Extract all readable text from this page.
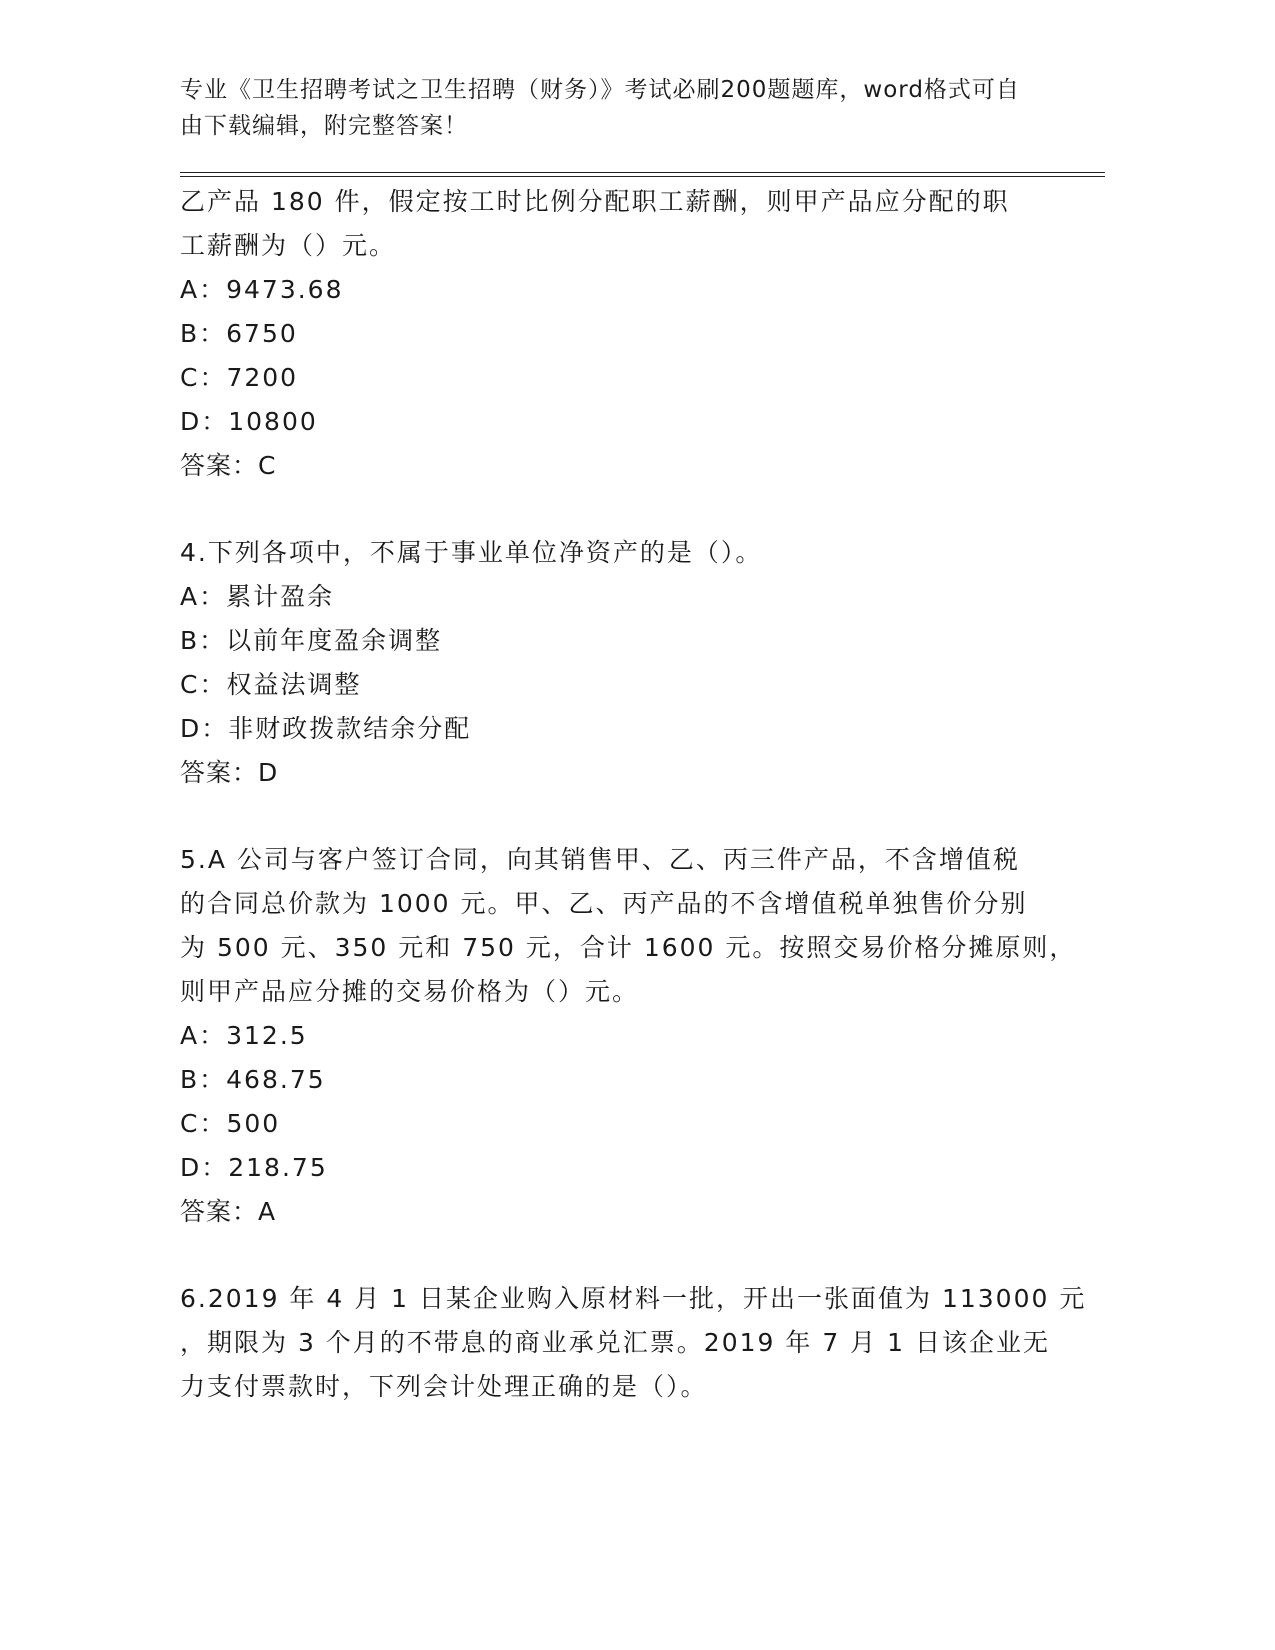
专业《卫生招聘考试之卫生招聘（财务）》考试必刷200题题库，word格式可自
由下载编辑，附完整答案！
乙产品 180 件，假定按工时比例分配职工薪酬，则甲产品应分配的职
工薪酬为（）元。
A：9473.68
B：6750
C：7200
D：10800
答案：C
4.下列各项中，不属于事业单位净资产的是（）。
A：累计盈余
B：以前年度盈余调整
C：权益法调整
D：非财政拨款结余分配
答案：D
5.A 公司与客户签订合同，向其销售甲、乙、丙三件产品，不含增值税
的合同总价款为 1000 元。甲、乙、丙产品的不含增值税单独售价分别
为 500 元、350 元和 750 元，合计 1600 元。按照交易价格分摊原则，
则甲产品应分摊的交易价格为（）元。
A：312.5
B：468.75
C：500
D：218.75
答案：A
6.2019 年 4 月 1 日某企业购入原材料一批，开出一张面值为 113000 元
，期限为 3 个月的不带息的商业承兑汇票。2019 年 7 月 1 日该企业无
力支付票款时，下列会计处理正确的是（）。
